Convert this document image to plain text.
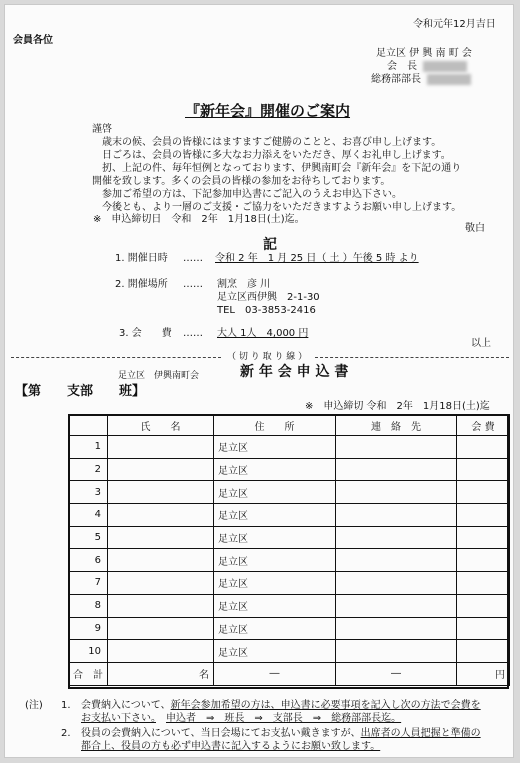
令和元年12月吉日
会員各位
足立区 伊 興 南 町 会
会　長
総務部部長
『新年会』開催のご案内
謹啓
歳末の候、会員の皆様にはますますご健勝のことと、お喜び申し上げます。
日ごろは、会員の皆様に多大なお力添えをいただき、厚くお礼申し上げます。
扨、上記の件、毎年恒例となっております、伊興南町会『新年会』を下記の通り
開催を致します。多くの会員の皆様の参加をお待ちしております。
参加ご希望の方は、下記参加申込書にご記入のうえお申込下さい。
今後とも、より一層のご支援・ご協力をいただきますようお願い申し上げます。
※　申込締切日　令和　2年　1月18日(土)迄。
敬白
記
1. 開催日時 …… 令和 2 年　1 月 25 日（ 土 ）午後 5 時 より
2. 開催場所 …… 割烹　彦 川
足立区西伊興　2-1-30
TEL　03-3853-2416
3. 会　　費 …… 大人 1人　4,000 円
以上
（ 切 り 取 り 線 ）
足立区　伊興南町会	新 年 会 申 込 書
【第　　支部　　班】
※　申込締切 令和　2年　1月18日(土)迄
	氏　　名	住　　所	連　絡　先	会 費
1		足立区		
2		足立区		
3		足立区		
4		足立区		
5		足立区		
6		足立区		
7		足立区		
8		足立区		
9		足立区		
10		足立区		
合　計	名	―	―	円
(注) 1. 会費納入について、新年会参加希望の方は、申込書に必要事項を記入し次の方法で会費を
お支払い下さい。　 申込者　⇒　班長　⇒　支部長　⇒　総務部部長迄。
2. 役員の会費納入について、当日会場にてお支払い戴きますが、出席者の人員把握と準備の
都合上、役員の方も必ず申込書に記入するようにお願い致します。
